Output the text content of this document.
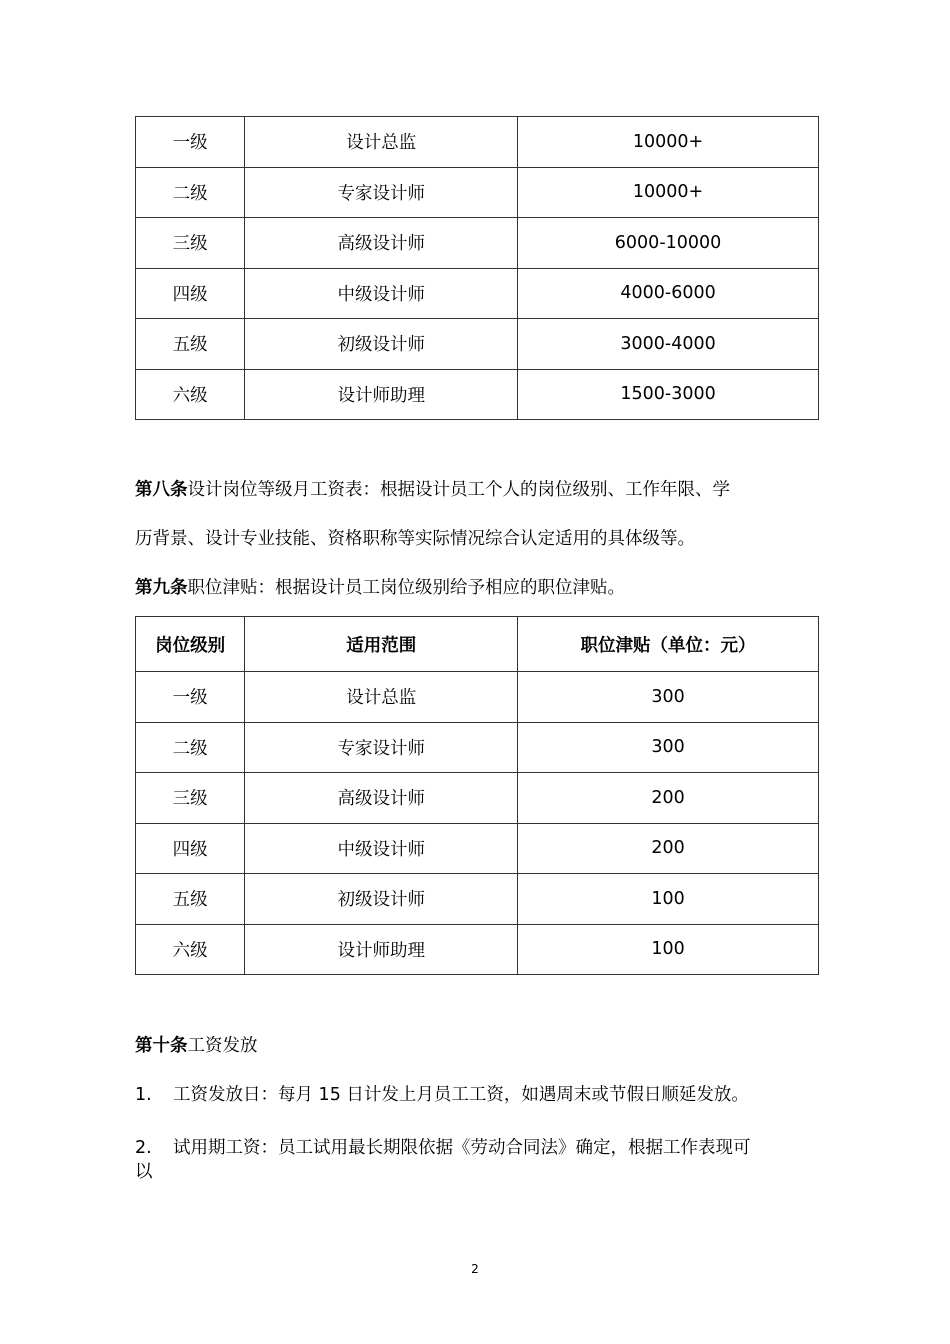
一级	设计总监	10000+
二级	专家设计师	10000+
三级	高级设计师	6000-10000
四级	中级设计师	4000-6000
五级	初级设计师	3000-4000
六级	设计师助理	1500-3000

第八条设计岗位等级月工资表：根据设计员工个人的岗位级别、工作年限、学

历背景、设计专业技能、资格职称等实际情况综合认定适用的具体级等。

第九条职位津贴：根据设计员工岗位级别给予相应的职位津贴。

岗位级别	适用范围	职位津贴（单位：元）
一级	设计总监	300
二级	专家设计师	300
三级	高级设计师	200
四级	中级设计师	200
五级	初级设计师	100
六级	设计师助理	100

第十条工资发放

1. 工资发放日：每月 15 日计发上月员工工资，如遇周末或节假日顺延发放。

2. 试用期工资：员工试用最长期限依据《劳动合同法》确定，根据工作表现可

以

2
